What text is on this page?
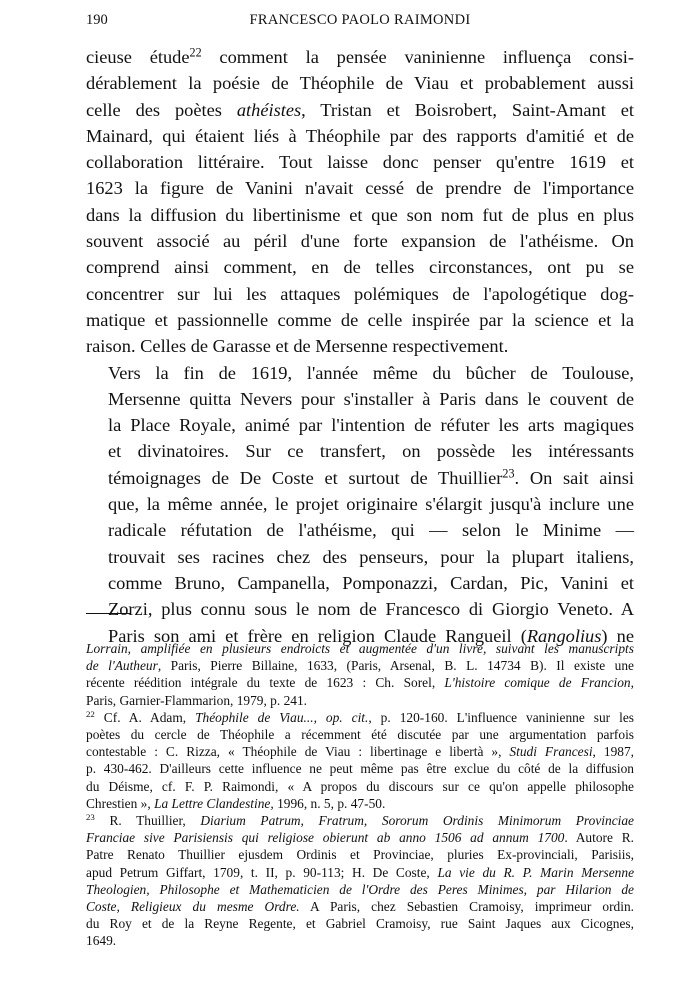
190	FRANCESCO PAOLO RAIMONDI

cieuse étude$^{22}$ comment la pensée vaninienne influença consi-
dérablement la poésie de Théophile de Viau et probablement aussi
celle des poètes athéistes, Tristan et Boisrobert, Saint-Amant et
Mainard, qui étaient liés à Théophile par des rapports d'amitié et de
collaboration littéraire. Tout laisse donc penser qu'entre 1619 et
1623 la figure de Vanini n'avait cessé de prendre de l'importance
dans la diffusion du libertinisme et que son nom fut de plus en plus
souvent associé au péril d'une forte expansion de l'athéisme. On
comprend ainsi comment, en de telles circonstances, ont pu se
concentrer sur lui les attaques polémiques de l'apologétique dog-
matique et passionnelle comme de celle inspirée par la science et la
raison. Celles de Garasse et de Mersenne respectivement.

Vers la fin de 1619, l'année même du bûcher de Toulouse,
Mersenne quitta Nevers pour s'installer à Paris dans le couvent de
la Place Royale, animé par l'intention de réfuter les arts magiques
et divinatoires. Sur ce transfert, on possède les intéressants
témoignages de De Coste et surtout de Thuillier$^{23}$. On sait ainsi
que, la même année, le projet originaire s'élargit jusqu'à inclure une
radicale réfutation de l'athéisme, qui — selon le Minime —
trouvait ses racines chez des penseurs, pour la plupart italiens,
comme Bruno, Campanella, Pomponazzi, Cardan, Pic, Vanini et
Zorzi, plus connu sous le nom de Francesco di Giorgio Veneto. A
Paris son ami et frère en religion Claude Rangueil (Rangolius) ne

Lorrain, amplifiée en plusieurs endroicts et augmentée d'un livre, suivant les manuscripts
de l'Autheur, Paris, Pierre Billaine, 1633, (Paris, Arsenal, B. L. 14734 B). Il existe une
récente réédition intégrale du texte de 1623 : Ch. Sorel, L'histoire comique de Francion,
Paris, Garnier-Flammarion, 1979, p. 241.
$^{22}$ Cf. A. Adam, Théophile de Viau..., op. cit., p. 120-160. L'influence vaninienne sur les
poètes du cercle de Théophile a récemment été discutée par une argumentation parfois
contestable : C. Rizza, « Théophile de Viau : libertinage e libertà », Studi Francesi, 1987,
p. 430-462. D'ailleurs cette influence ne peut même pas être exclue du côté de la diffusion
du Déisme, cf. F. P. Raimondi, « A propos du discours sur ce qu'on appelle philosophe
Chrestien », La Lettre Clandestine, 1996, n. 5, p. 47-50.
$^{23}$ R. Thuillier, Diarium Patrum, Fratrum, Sororum Ordinis Minimorum Provinciae
Franciae sive Parisiensis qui religiose obierunt ab anno 1506 ad annum 1700. Autore R.
Patre Renato Thuillier ejusdem Ordinis et Provinciae, pluries Ex-provinciali, Parisiis,
apud Petrum Giffart, 1709, t. II, p. 90-113; H. De Coste, La vie du R. P. Marin Mersenne
Theologien, Philosophe et Mathematicien de l'Ordre des Peres Minimes, par Hilarion de
Coste, Religieux du mesme Ordre. A Paris, chez Sebastien Cramoisy, imprimeur ordin.
du Roy et de la Reyne Regente, et Gabriel Cramoisy, rue Saint Jaques aux Cicognes,
1649.
